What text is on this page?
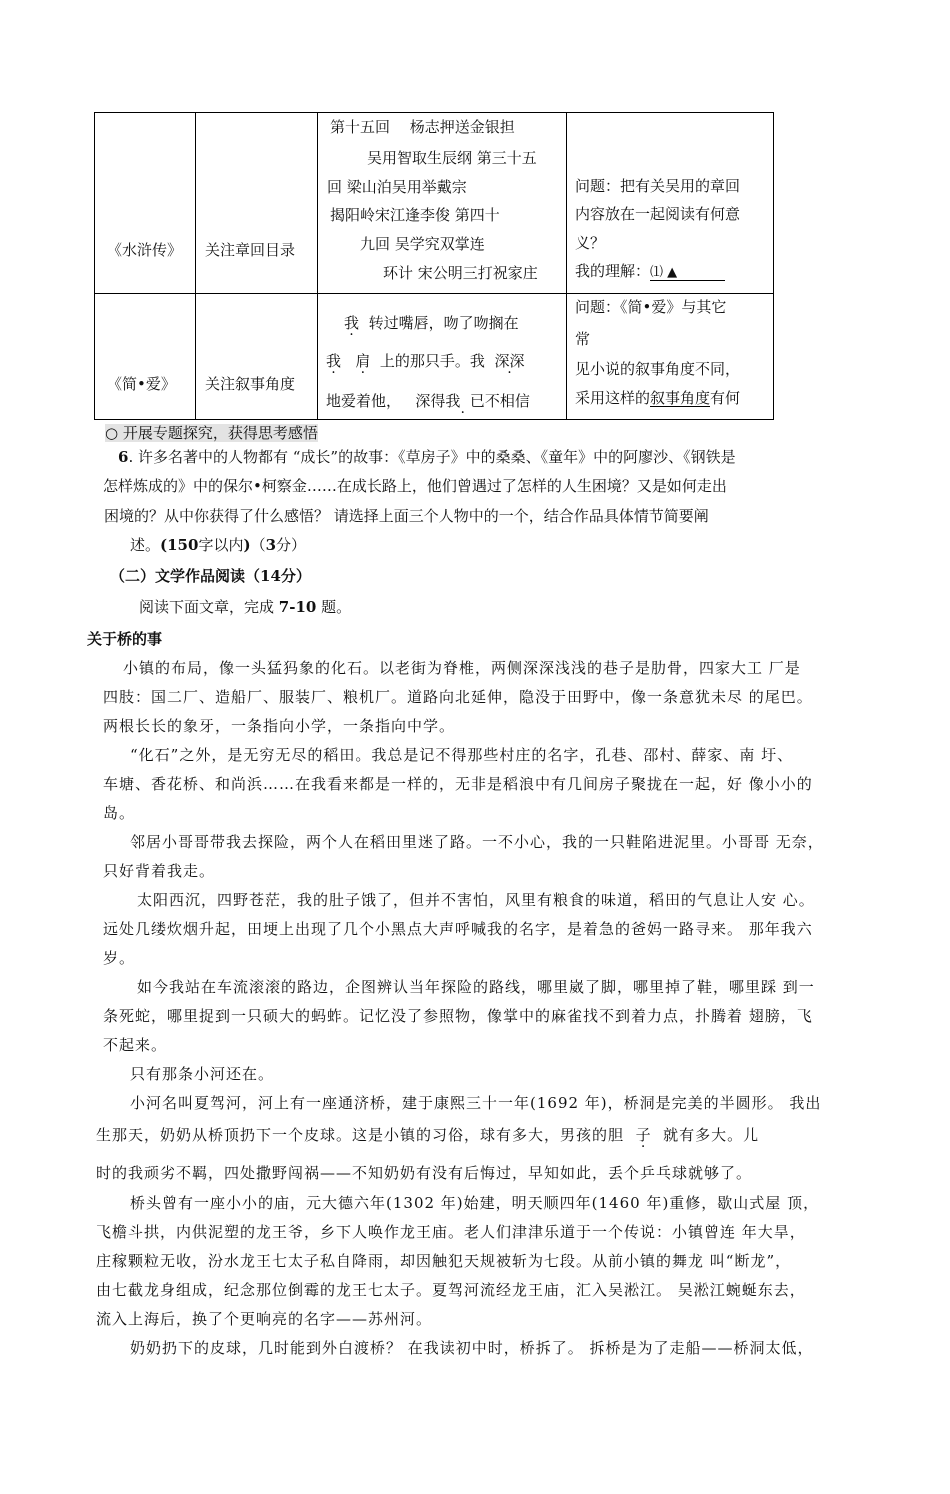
《水浒传》 关注章回目录
第十五回　 杨志押送金银担
吴用智取生辰纲 第三十五
回 梁山泊吴用举戴宗
揭阳岭宋江逢李俊 第四十
九回 吴学究双掌连
环计 宋公明三打祝家庄
问题：把有关吴用的章回
内容放在一起阅读有何意
义？
我的理解：⑴ ▲
《简•爱》 关注叙事角度
我 转过嘴唇，吻了吻搁在
我 肩 上的那只手。我 深深
地爱着他， 深得我  . 已不相信
问题：《简•爱》与其它
常
见小说的叙事角度不同，
采用这样的叙事角度有何
○ 开展专题探究，获得思考感悟
6. 许多名著中的人物都有 “成长”的故事：《草房子》中的桑桑、《童年》中的阿廖沙、《钢铁是
怎样炼成的》中的保尔•柯察金……在成长路上，他们曾遇过了怎样的人生困境？又是如何走出
困境的？从中你获得了什么感悟？ 请选择上面三个人物中的一个，结合作品具体情节简要阐
述。(150字以内)（3分）
（二）文学作品阅读（14分）
阅读下面文章，完成 7-10 题。
关于桥的事
小镇的布局，像一头猛犸象的化石。以老街为脊椎，两侧深深浅浅的巷子是肋骨，四家大工 厂是
四肢：国二厂、造船厂、服装厂、粮机厂。道路向北延伸，隐没于田野中，像一条意犹未尽 的尾巴。
两根长长的象牙，一条指向小学，一条指向中学。
“化石”之外，是无穷无尽的稻田。我总是记不得那些村庄的名字，孔巷、邵村、薛家、南 圩、
车塘、香花桥、和尚浜……在我看来都是一样的，无非是稻浪中有几间房子聚拢在一起，好 像小小的
岛。
邻居小哥哥带我去探险，两个人在稻田里迷了路。一不小心，我的一只鞋陷进泥里。小哥哥 无奈，
只好背着我走。
太阳西沉，四野苍茫，我的肚子饿了，但并不害怕，风里有粮食的味道，稻田的气息让人安 心。
远处几缕炊烟升起，田埂上出现了几个小黑点大声呼喊我的名字，是着急的爸妈一路寻来。 那年我六
岁。
如今我站在车流滚滚的路边，企图辨认当年探险的路线，哪里崴了脚，哪里掉了鞋，哪里踩 到一
条死蛇，哪里捉到一只硕大的蚂蚱。记忆没了参照物，像掌中的麻雀找不到着力点，扑腾着 翅膀，飞
不起来。
只有那条小河还在。
小河名叫夏驾河，河上有一座通济桥，建于康熙三十一年(1692 年)，桥洞是完美的半圆形。 我出
生那天，奶奶从桥顶扔下一个皮球。这是小镇的习俗，球有多大，男孩的胆 子 就有多大。儿
时的我顽劣不羁，四处撒野闯祸——不知奶奶有没有后悔过，早知如此，丢个乒乓球就够了。
桥头曾有一座小小的庙，元大德六年(1302 年)始建，明天顺四年(1460 年)重修，歇山式屋 顶，
飞檐斗拱，内供泥塑的龙王爷，乡下人唤作龙王庙。老人们津津乐道于一个传说：小镇曾连 年大旱，
庄稼颗粒无收，汾水龙王七太子私自降雨，却因触犯天规被斩为七段。从前小镇的舞龙 叫“断龙”，
由七截龙身组成，纪念那位倒霉的龙王七太子。夏驾河流经龙王庙，汇入吴淞江。 吴淞江蜿蜒东去，
流入上海后，换了个更响亮的名字——苏州河。
奶奶扔下的皮球，几时能到外白渡桥？ 在我读初中时，桥拆了。 拆桥是为了走船——桥洞太低，
